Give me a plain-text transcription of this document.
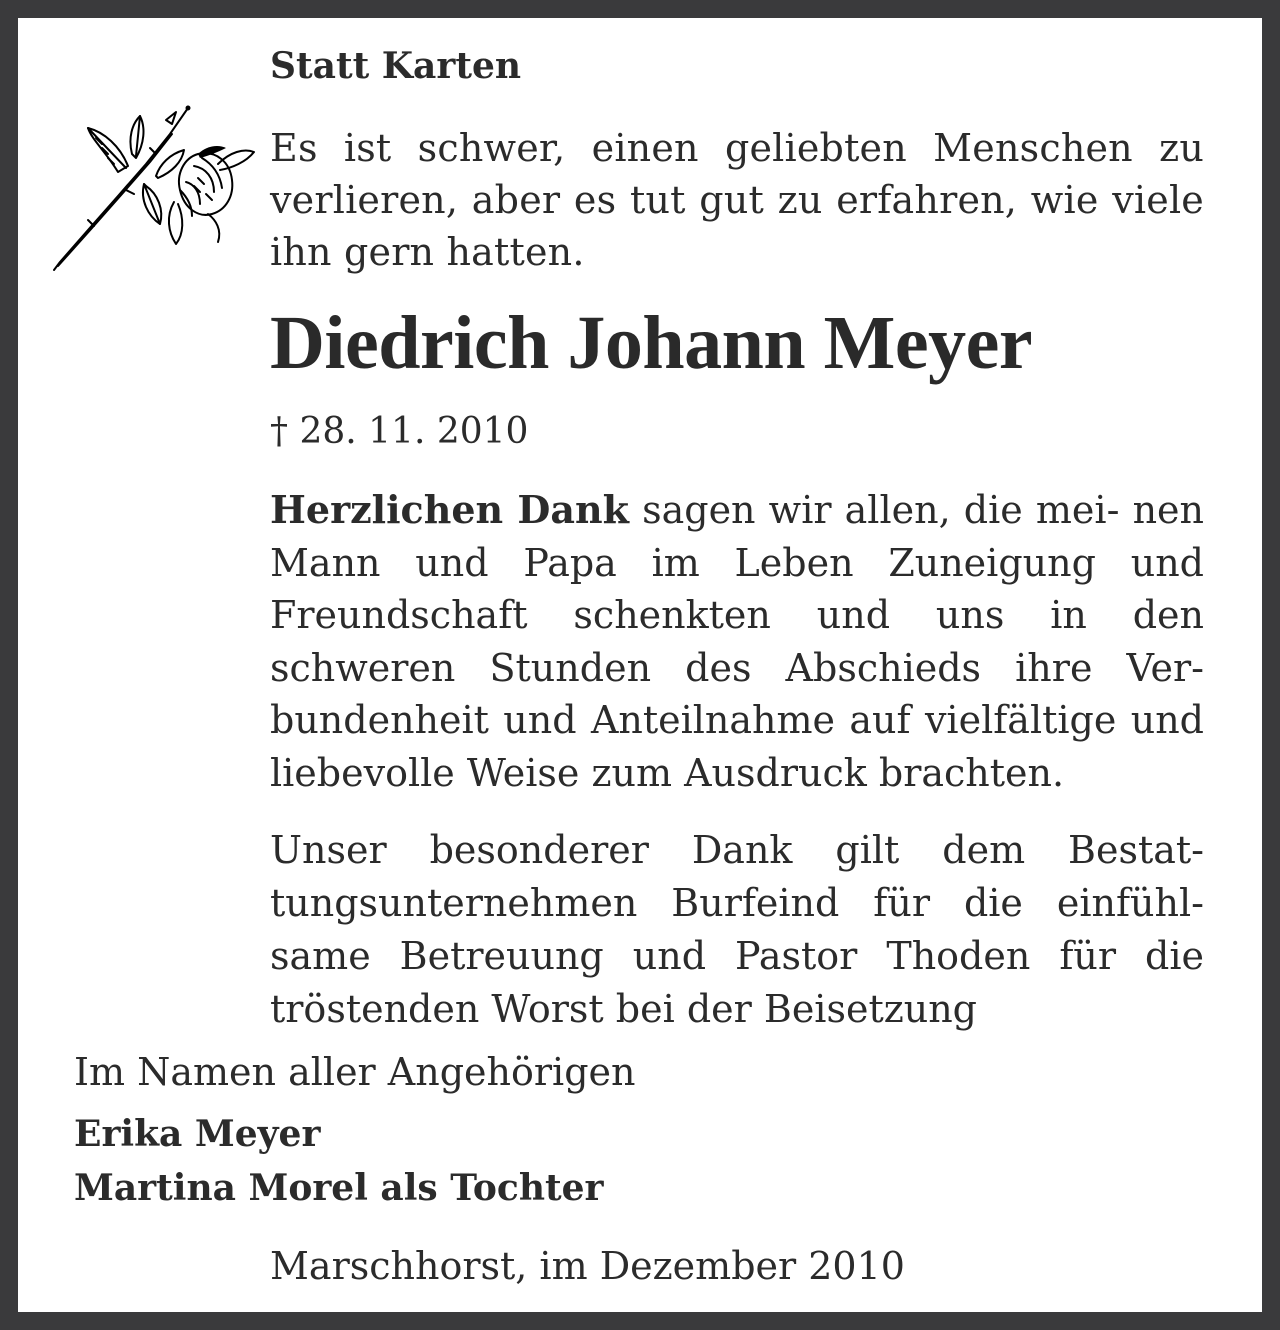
Statt Karten

Es ist schwer, einen geliebten Menschen zu verlieren, aber es tut gut zu erfahren, wie viele ihn gern hatten.

Diedrich Johann Meyer

† 28. 11. 2010

Herzlichen Dank sagen wir allen, die mei- nen Mann und Papa im Leben Zuneigung und Freundschaft schenkten und uns in den schweren Stunden des Abschieds ihre Ver- bundenheit und Anteilnahme auf vielfältige und liebevolle Weise zum Ausdruck brachten.

Unser besonderer Dank gilt dem Bestat- tungsunternehmen Burfeind für die einfühl- same Betreuung und Pastor Thoden für die tröstenden Worst bei der Beisetzung

Im Namen aller Angehörigen

Erika Meyer

Martina Morel als Tochter

Marschhorst, im Dezember 2010
